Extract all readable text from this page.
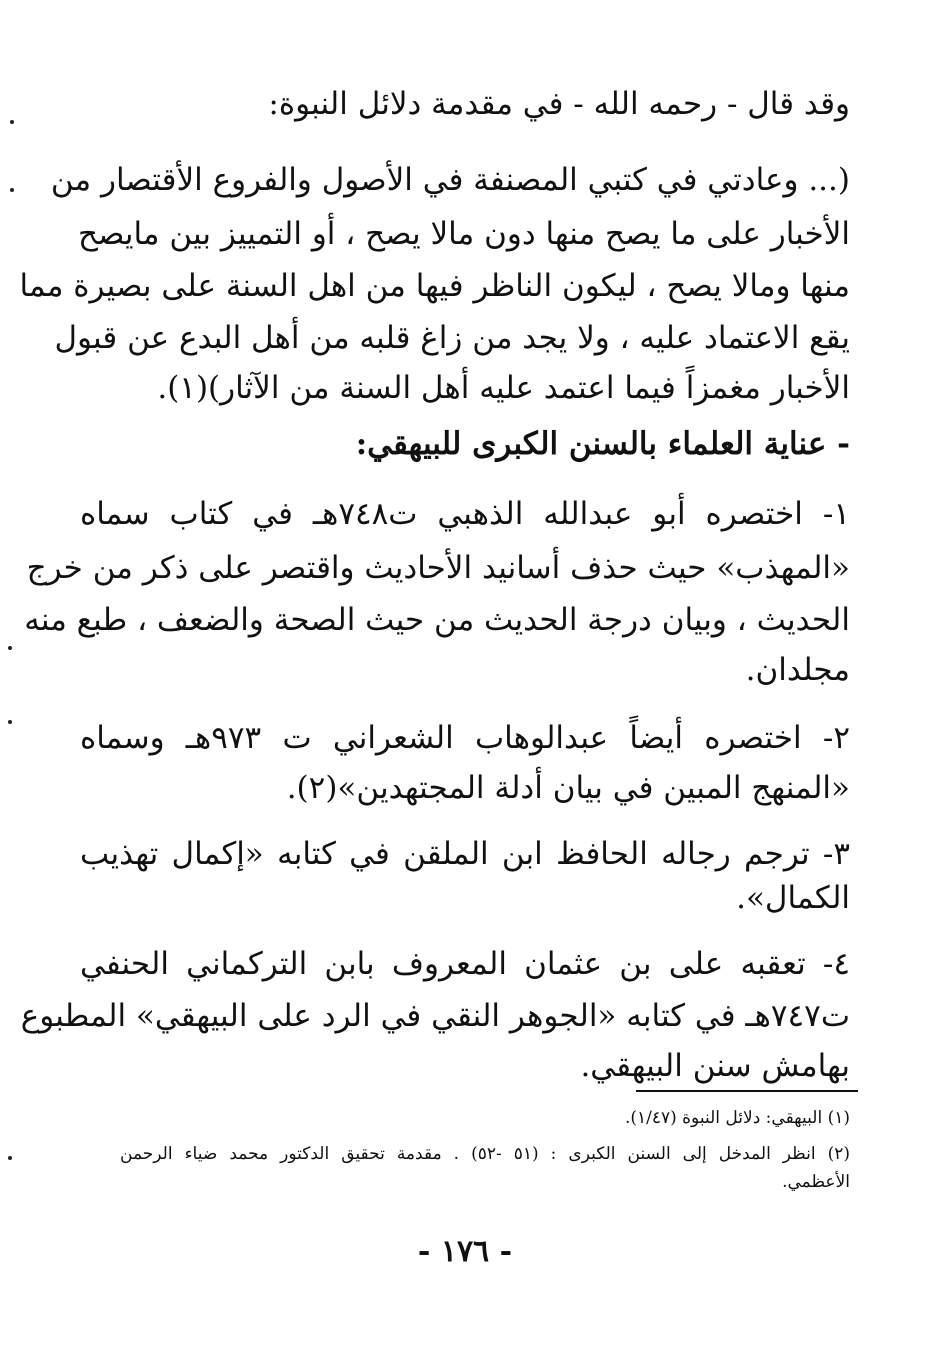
وقد قال - رحمه الله - في مقدمة دلائل النبوة:
(... وعادتي في كتبي المصنفة في الأصول والفروع الأقتصار من
الأخبار على ما يصح منها دون مالا يصح ، أو التمييز بين مايصح
منها ومالا يصح ، ليكون الناظر فيها من اهل السنة على بصيرة مما
يقع الاعتماد عليه ، ولا يجد من زاغ قلبه من أهل البدع عن قبول
الأخبار مغمزاً فيما اعتمد عليه أهل السنة من الآثار)(١).
- عناية العلماء بالسنن الكبرى للبيهقي:
١- اختصره أبو عبدالله الذهبي ت٧٤٨هـ في كتاب سماه
«المهذب» حيث حذف أسانيد الأحاديث واقتصر على ذكر من خرج
الحديث ، وبيان درجة الحديث من حيث الصحة والضعف ، طبع منه
مجلدان.
٢- اختصره أيضاً عبدالوهاب الشعراني ت ٩٧٣هـ وسماه
«المنهج المبين في بيان أدلة المجتهدين»(٢).
٣- ترجم رجاله الحافظ ابن الملقن في كتابه «إكمال تهذيب
الكمال».
٤- تعقبه على بن عثمان المعروف بابن التركماني الحنفي
ت٧٤٧هـ في كتابه «الجوهر النقي في الرد على البيهقي» المطبوع
بهامش سنن البيهقي.
(١) البيهقي: دلائل النبوة (١/٤٧).
(٢) انظر المدخل إلى السنن الكبرى : (٥١ -٥٢) . مقدمة تحقيق الدكتور محمد ضياء الرحمن
الأعظمي.
- ١٧٦ -
